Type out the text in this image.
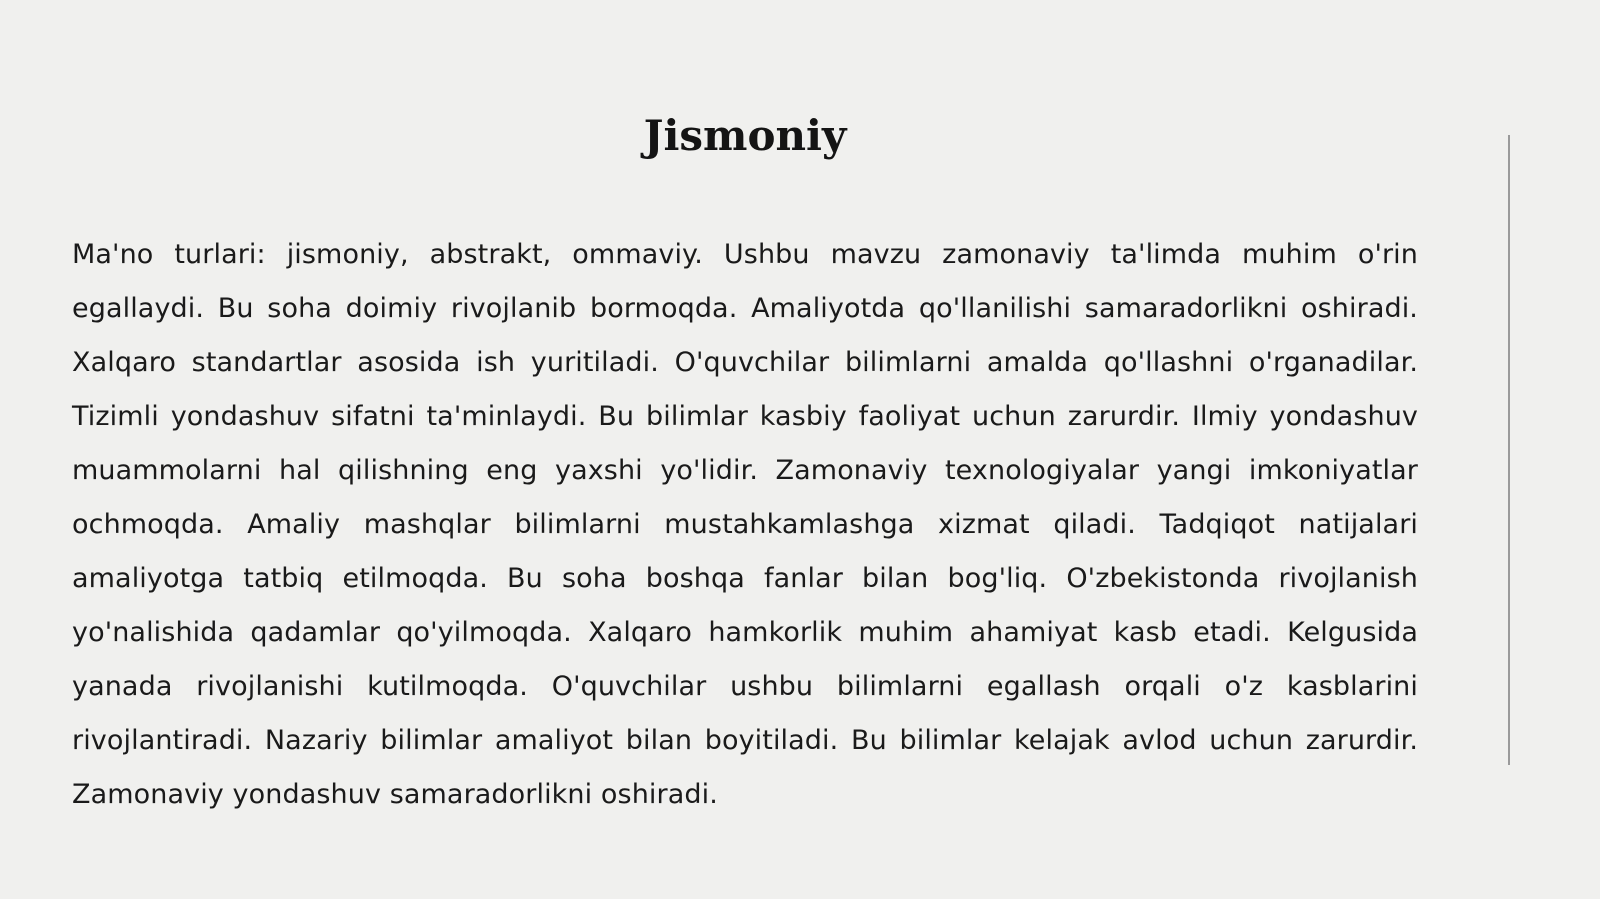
Jismoniy

Ma'no turlari: jismoniy, abstrakt, ommaviy. Ushbu mavzu zamonaviy ta'limda muhim o'rin egallaydi. Bu soha doimiy rivojlanib bormoqda. Amaliyotda qo'llanilishi samaradorlikni oshiradi. Xalqaro standartlar asosida ish yuritiladi. O'quvchilar bilimlarni amalda qo'llashni o'rganadilar. Tizimli yondashuv sifatni ta'minlaydi. Bu bilimlar kasbiy faoliyat uchun zarurdir. Ilmiy yondashuv muammolarni hal qilishning eng yaxshi yo'lidir. Zamonaviy texnologiyalar yangi imkoniyatlar ochmoqda. Amaliy mashqlar bilimlarni mustahkamlashga xizmat qiladi. Tadqiqot natijalari amaliyotga tatbiq etilmoqda. Bu soha boshqa fanlar bilan bog'liq. O'zbekistonda rivojlanish yo'nalishida qadamlar qo'yilmoqda. Xalqaro hamkorlik muhim ahamiyat kasb etadi. Kelgusida yanada rivojlanishi kutilmoqda. O'quvchilar ushbu bilimlarni egallash orqali o'z kasblarini rivojlantiradi. Nazariy bilimlar amaliyot bilan boyitiladi. Bu bilimlar kelajak avlod uchun zarurdir. Zamonaviy yondashuv samaradorlikni oshiradi.
